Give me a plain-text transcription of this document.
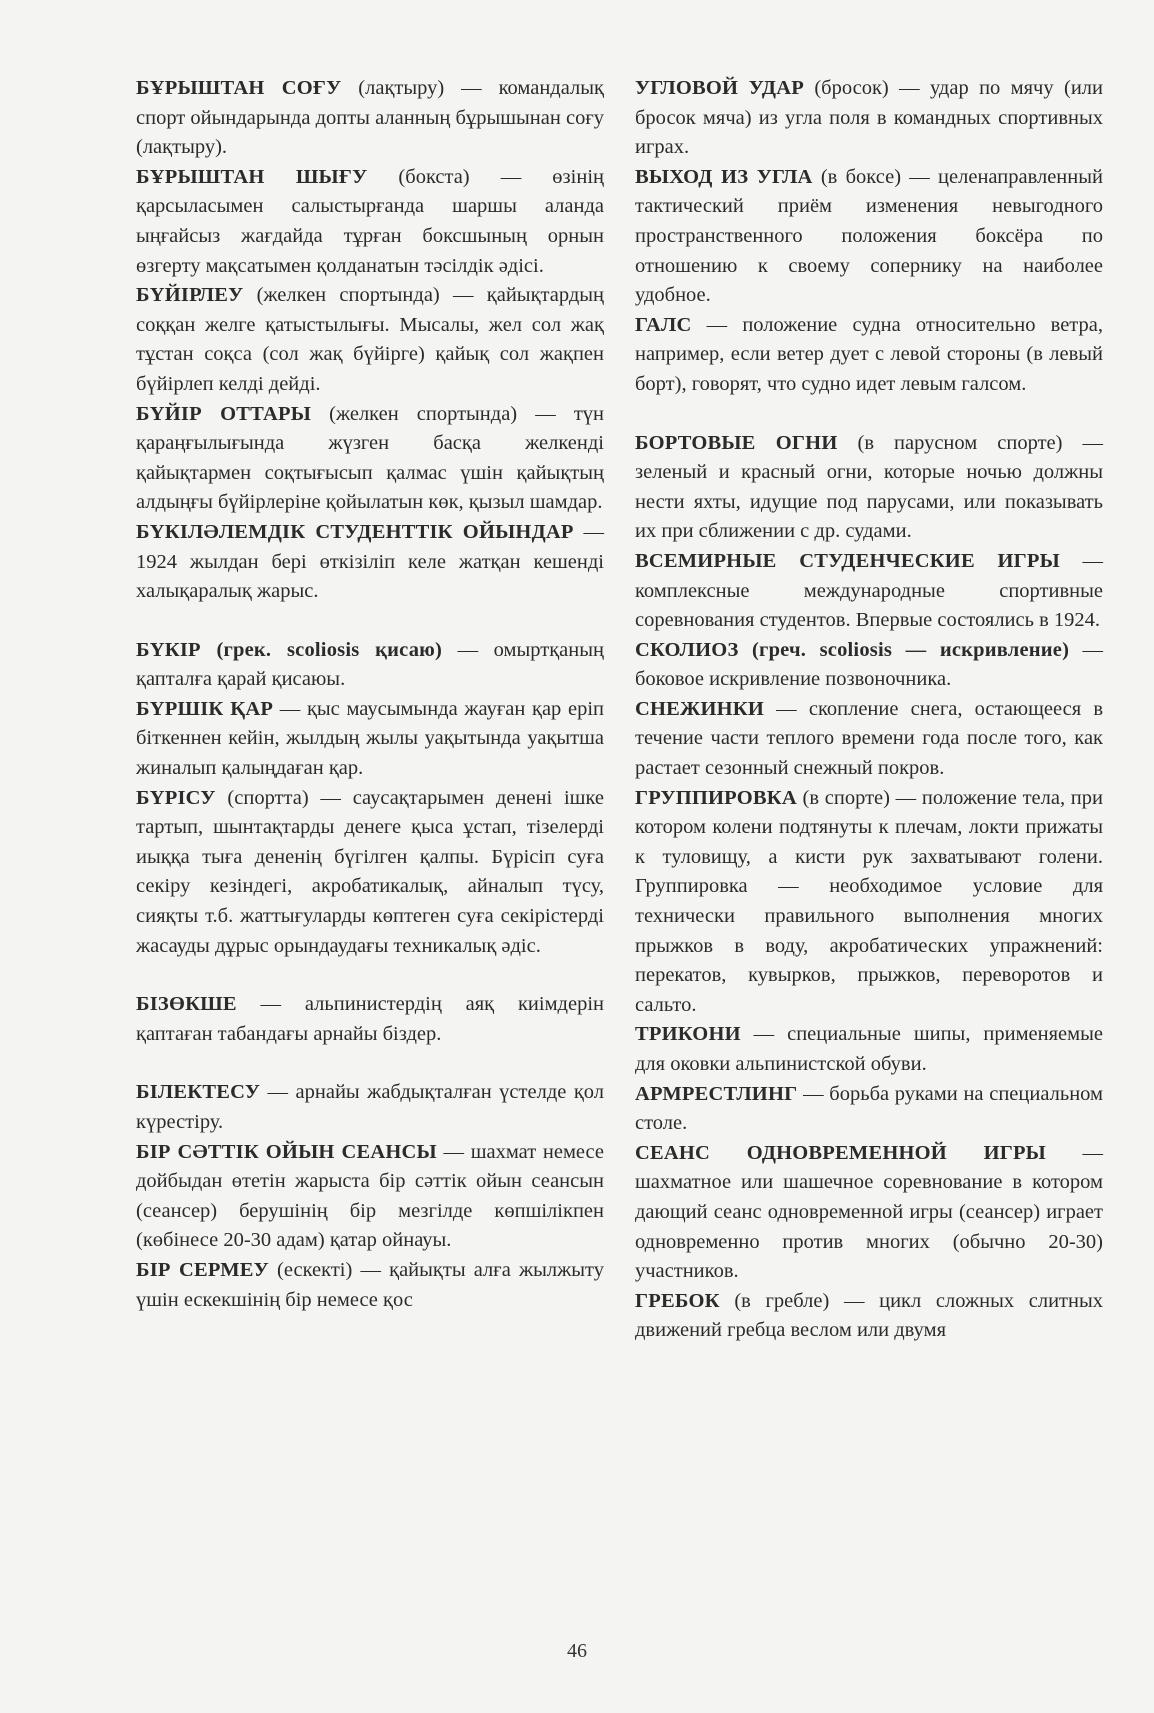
БҰРЫШТАН СОҒУ (лақтыру) — командалық спорт ойындарында допты аланның бұрышынан соғу (лақтыру).

БҰРЫШТАН ШЫҒУ (бокста) — өзінің қарсыласымен салыстырғанда шаршы аланда ыңғайсыз жағдайда тұрған боксшының орнын өзгерту мақсатымен қолданатын тәсілдік әдісі.

БҮЙІРЛЕУ (желкен спортында) — қайықтардың соққан желге қатыстылығы. Мысалы, жел сол жақ тұстан соқса (сол жақ бүйірге) қайық сол жақпен бүйірлеп келді дейді.

БҮЙІР ОТТАРЫ (желкен спортында) — түн қараңғылығында жүзген басқа желкенді қайықтармен соқтығысып қалмас үшін қайықтың алдыңғы бүйірлеріне қойылатын көк, қызыл шамдар.

БҮКІЛӘЛЕМДІК СТУДЕНТТІК ОЙЫНДАР — 1924 жылдан бері өткізіліп келе жатқан кешенді халықаралық жарыс.

БҮКІР (грек. scoliosis қисаю) — омыртқаның қапталға қарай қисаюы.

БҮРШІК ҚАР — қыс маусымында жауған қар еріп біткеннен кейін, жылдың жылы уақытында уақытша жиналып қалыңдаған қар.

БҮРІСУ (спортта) — саусақтарымен денені ішке тартып, шынтақтарды денеге қыса ұстап, тізелерді иыққа тыға дененің бүгілген қалпы. Бүрісіп суға секіру кезіндегі, акробатикалық, айналып түсу, сияқты т.б. жаттығуларды көптеген суға секірістерді жасауды дұрыс орындаудағы техникалық әдіс.

БІЗӨКШЕ — альпинистердің аяқ киімдерін қаптаған табандағы арнайы біздер.

БІЛЕКТЕСУ — арнайы жабдықталған үстелде қол күрестіру.

БІР СӘТТІК ОЙЫН СЕАНСЫ — шахмат немесе дойбыдан өтетін жарыста бір сәттік ойын сеансын (сеансер) берушінің бір мезгілде көпшілікпен (көбінесе 20-30 адам) қатар ойнауы.

БІР СЕРМЕУ (ескекті) — қайықты алға жылжыту үшін ескекшінің бір немесе қос

УГЛОВОЙ УДАР (бросок) — удар по мячу (или бросок мяча) из угла поля в командных спортивных играх.

ВЫХОД ИЗ УГЛА (в боксе) — целенаправленный тактический приём изменения невыгодного пространственного положения боксёра по отношению к своему сопернику на наиболее удобное.

ГАЛС — положение судна относительно ветра, например, если ветер дует с левой стороны (в левый борт), говорят, что судно идет левым галсом.

БОРТОВЫЕ ОГНИ (в парусном спорте) — зеленый и красный огни, которые ночью должны нести яхты, идущие под парусами, или показывать их при сближении с др. судами.

ВСЕМИРНЫЕ СТУДЕНЧЕСКИЕ ИГРЫ — комплексные международные спортивные соревнования студентов. Впервые состоялись в 1924.

СКОЛИОЗ (греч. scoliosis — искривление) — боковое искривление позвоночника.

СНЕЖИНКИ — скопление снега, остающееся в течение части теплого времени года после того, как растает сезонный снежный покров.

ГРУППИРОВКА (в спорте) — положение тела, при котором колени подтянуты к плечам, локти прижаты к туловищу, а кисти рук захватывают голени. Группировка — необходимое условие для технически правильного выполнения многих прыжков в воду, акробатических упражнений: перекатов, кувырков, прыжков, переворотов и сальто.

ТРИКОНИ — специальные шипы, применяемые для оковки альпинистской обуви.

АРМРЕСТЛИНГ — борьба руками на специальном столе.

СЕАНС ОДНОВРЕМЕННОЙ ИГРЫ — шахматное или шашечное соревнование в котором дающий сеанс одновременной игры (сеансер) играет одновременно против многих (обычно 20-30) участников.

ГРЕБОК (в гребле) — цикл сложных слитных движений гребца веслом или двумя

46
